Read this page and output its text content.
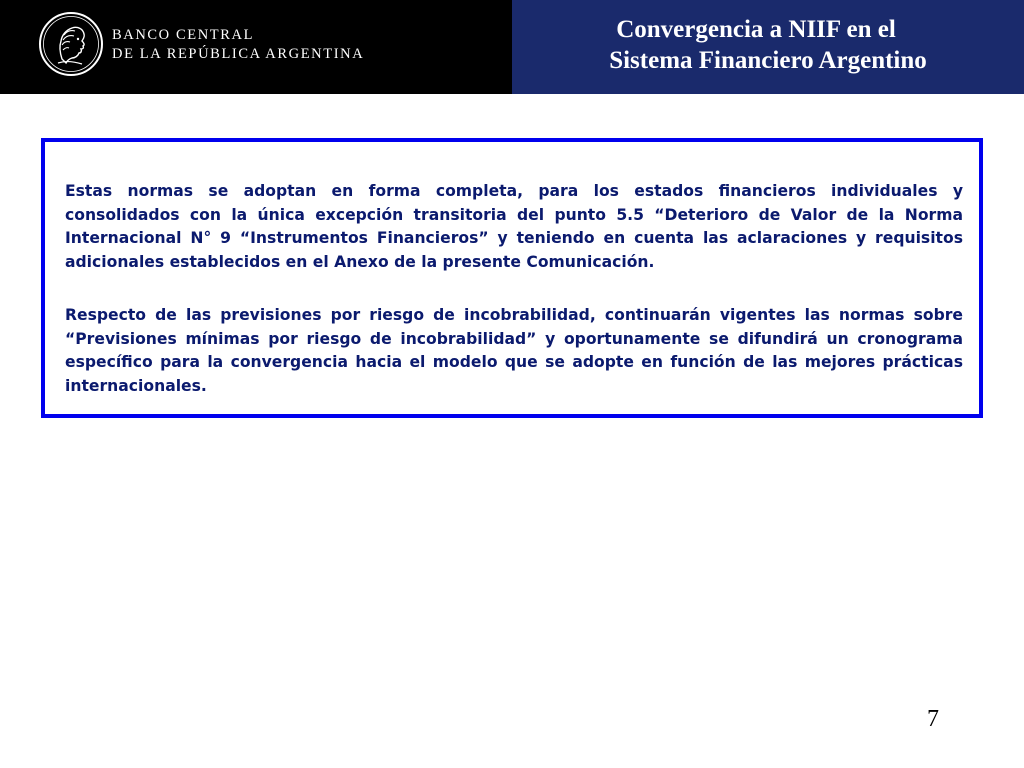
BANCO CENTRAL
DE LA REPÚBLICA ARGENTINA
Convergencia a NIIF en el
Sistema Financiero Argentino

Estas normas se adoptan en forma completa, para los estados financieros individuales y consolidados con la única excepción transitoria del punto 5.5 “Deterioro de Valor de la Norma Internacional N° 9 “Instrumentos Financieros” y teniendo en cuenta las aclaraciones y requisitos adicionales establecidos en el Anexo de la presente Comunicación.

Respecto de las previsiones por riesgo de incobrabilidad, continuarán vigentes las normas sobre “Previsiones mínimas por riesgo de incobrabilidad” y oportunamente se difundirá un cronograma específico para la convergencia hacia el modelo que se adopte en función de las mejores prácticas internacionales.

7
